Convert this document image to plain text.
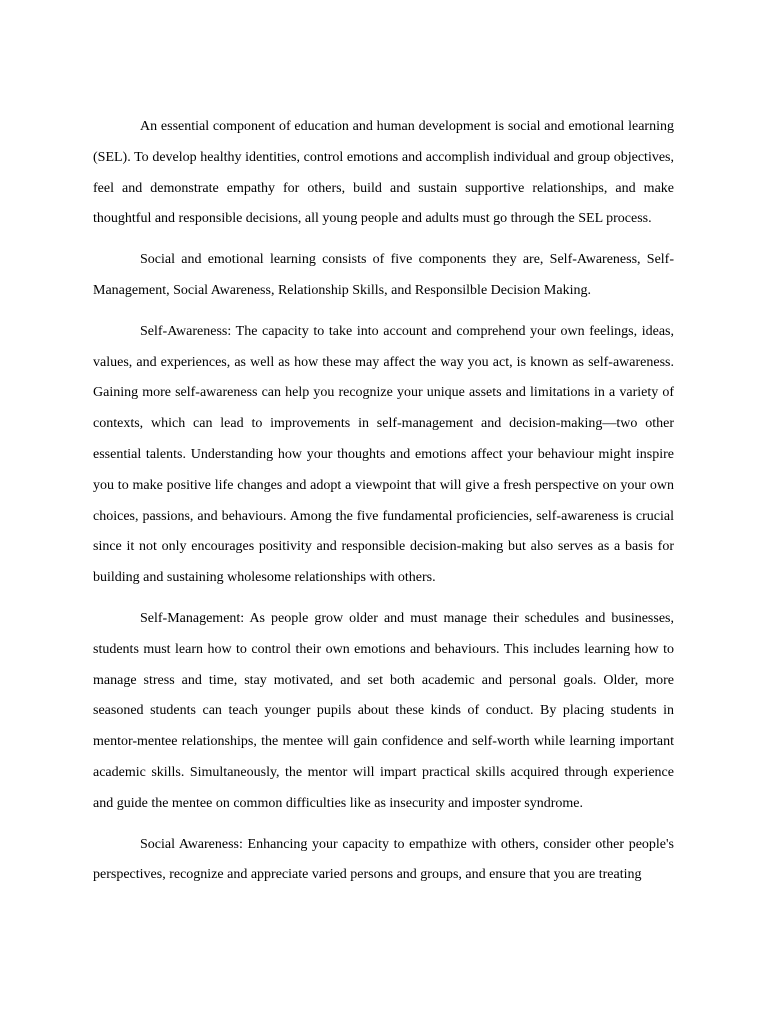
An essential component of education and human development is social and emotional learning (SEL). To develop healthy identities, control emotions and accomplish individual and group objectives, feel and demonstrate empathy for others, build and sustain supportive relationships, and make thoughtful and responsible decisions, all young people and adults must go through the SEL process.

Social and emotional learning consists of five components they are, Self-Awareness, Self-Management, Social Awareness, Relationship Skills, and Responsilble Decision Making.

Self-Awareness: The capacity to take into account and comprehend your own feelings, ideas, values, and experiences, as well as how these may affect the way you act, is known as self-awareness. Gaining more self-awareness can help you recognize your unique assets and limitations in a variety of contexts, which can lead to improvements in self-management and decision-making—two other essential talents. Understanding how your thoughts and emotions affect your behaviour might inspire you to make positive life changes and adopt a viewpoint that will give a fresh perspective on your own choices, passions, and behaviours. Among the five fundamental proficiencies, self-awareness is crucial since it not only encourages positivity and responsible decision-making but also serves as a basis for building and sustaining wholesome relationships with others.

Self-Management: As people grow older and must manage their schedules and businesses, students must learn how to control their own emotions and behaviours. This includes learning how to manage stress and time, stay motivated, and set both academic and personal goals. Older, more seasoned students can teach younger pupils about these kinds of conduct. By placing students in mentor-mentee relationships, the mentee will gain confidence and self-worth while learning important academic skills. Simultaneously, the mentor will impart practical skills acquired through experience and guide the mentee on common difficulties like as insecurity and imposter syndrome.

Social Awareness: Enhancing your capacity to empathize with others, consider other people's perspectives, recognize and appreciate varied persons and groups, and ensure that you are treating
